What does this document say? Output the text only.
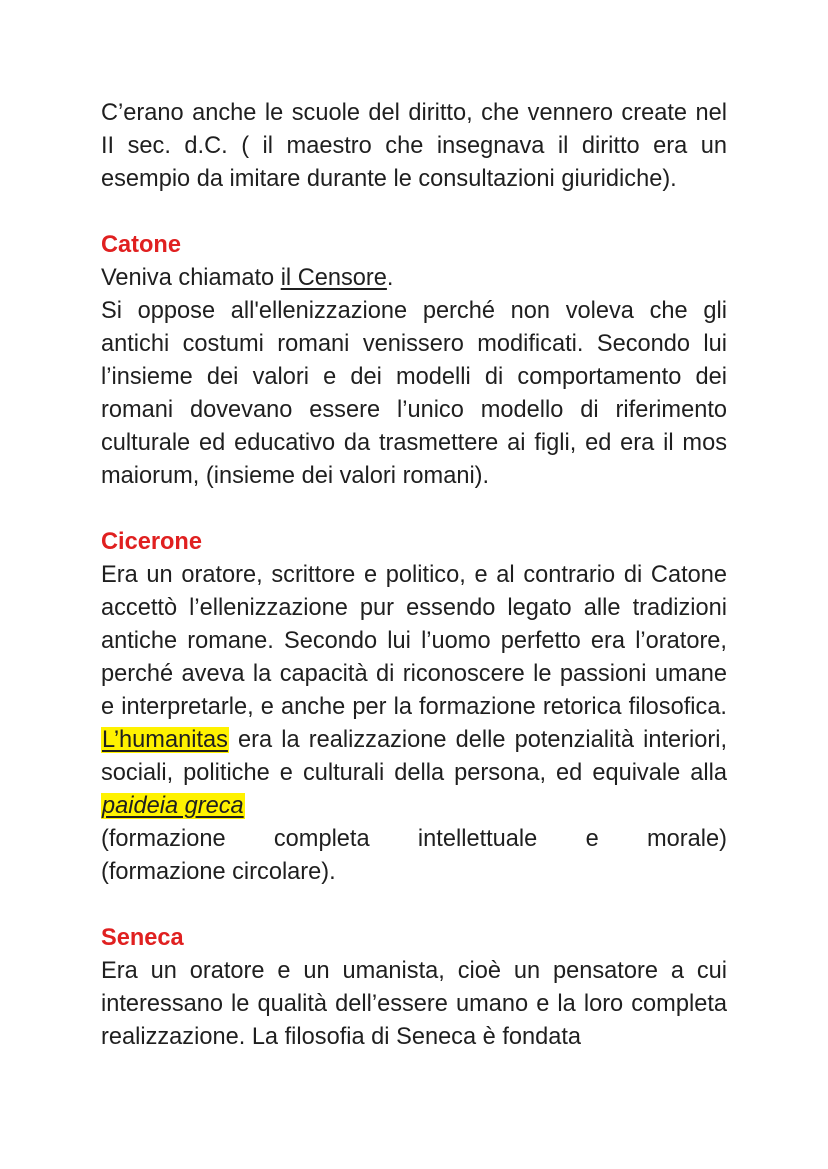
C’erano anche le scuole del diritto, che vennero create nel II sec. d.C. ( il maestro che insegnava il diritto era un esempio da imitare durante le consultazioni giuridiche).

Catone

Veniva chiamato il Censore.

Si oppose all'ellenizzazione perché non voleva che gli antichi costumi romani venissero modificati. Secondo lui l’insieme dei valori e dei modelli di comportamento dei romani dovevano essere l’unico modello di riferimento culturale ed educativo da trasmettere ai figli, ed era il mos maiorum, (insieme dei valori romani).

Cicerone

Era un oratore, scrittore e politico, e al contrario di Catone accettò l’ellenizzazione pur essendo legato alle tradizioni antiche romane. Secondo lui l’uomo perfetto era l’oratore, perché aveva la capacità di riconoscere le passioni umane e interpretarle, e anche per la formazione retorica filosofica. L’humanitas era la realizzazione delle potenzialità interiori, sociali, politiche e culturali della persona, ed equivale alla paideia greca

(formazione completa intellettuale e morale)

(formazione circolare).

Seneca

Era un oratore e un umanista, cioè un pensatore a cui interessano le qualità dell’essere umano e la loro completa realizzazione. La filosofia di Seneca è fondata
